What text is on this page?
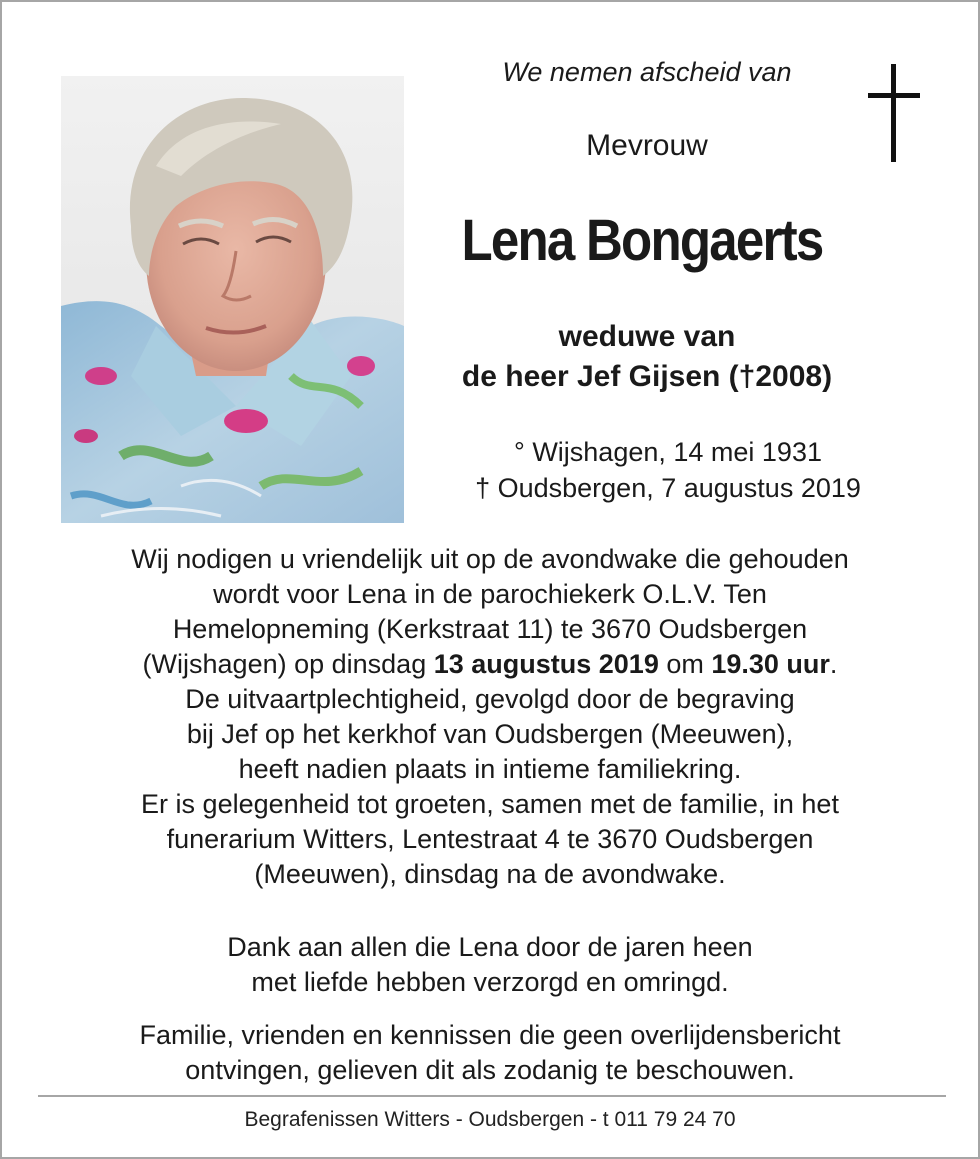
We nemen afscheid van
Mevrouw
Lena Bongaerts
weduwe van
de heer Jef Gijsen (†2008)
° Wijshagen, 14 mei 1931
† Oudsbergen, 7 augustus 2019
Wij nodigen u vriendelijk uit op de avondwake die gehouden
wordt voor Lena in de parochiekerk O.L.V. Ten
Hemelopneming (Kerkstraat 11) te 3670 Oudsbergen
(Wijshagen) op dinsdag 13 augustus 2019 om 19.30 uur.
De uitvaartplechtigheid, gevolgd door de begraving
bij Jef op het kerkhof van Oudsbergen (Meeuwen),
heeft nadien plaats in intieme familiekring.
Er is gelegenheid tot groeten, samen met de familie, in het
funerarium Witters, Lentestraat 4 te 3670 Oudsbergen
(Meeuwen), dinsdag na de avondwake.
Dank aan allen die Lena door de jaren heen
met liefde hebben verzorgd en omringd.
Familie, vrienden en kennissen die geen overlijdensbericht
ontvingen, gelieven dit als zodanig te beschouwen.
Begrafenissen Witters - Oudsbergen - t 011 79 24 70
